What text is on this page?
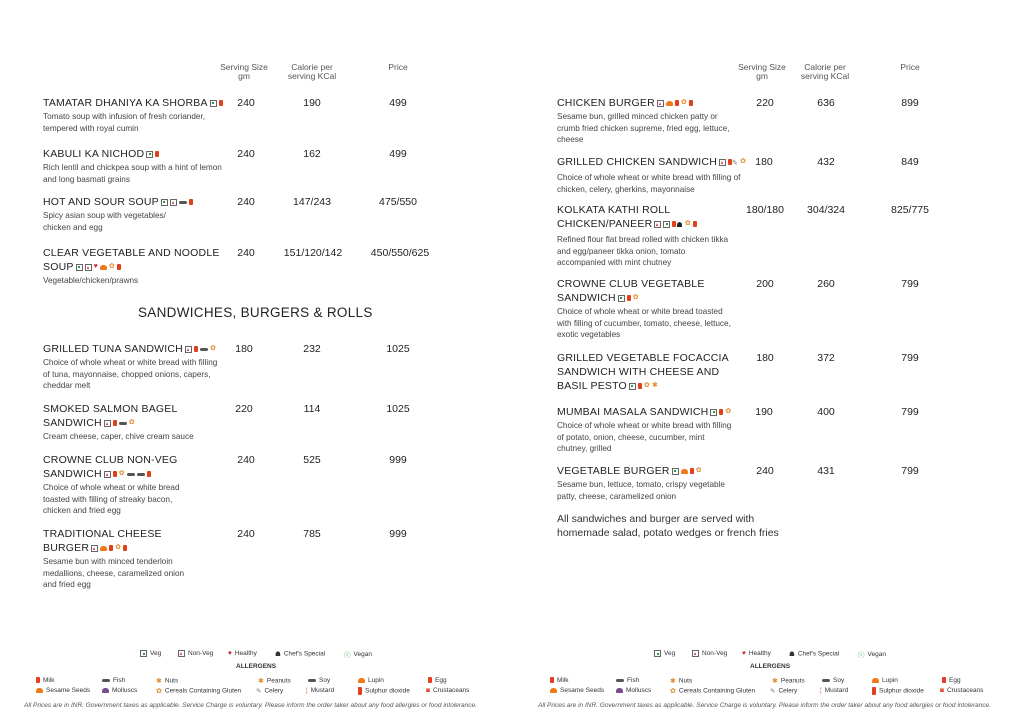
Serving Size gm
Calorie per serving KCal
Price
TAMATAR DHANIYA KA SHORBA
Tomato soup with infusion of fresh coriander, tempered with royal cumin
240	190	499
KABULI KA NICHOD
Rich lentil and chickpea soup with a hint of lemon and long basmati grains
240	162	499
HOT AND SOUR SOUP
Spicy asian soup with vegetables/ chicken and egg
240	147/243	475/550
CLEAR VEGETABLE AND NOODLE SOUP	♥ ✿
Vegetable/chicken/prawns
240	151/120/142	450/550/625
SANDWICHES, BURGERS & ROLLS
GRILLED TUNA SANDWICH	✿
Choice of whole wheat or white bread with filling of tuna, mayonnaise, chopped onions, capers, cheddar melt
180	232	1025
SMOKED SALMON BAGEL SANDWICH	✿
Cream cheese, caper, chive cream sauce
220	114	1025
CROWNE CLUB NON-VEG SANDWICH ✿
Choice of whole wheat or white bread toasted with filling of streaky bacon, chicken and fried egg
240	525	999
TRADITIONAL CHEESE BURGER	✿
Sesame bun with minced tenderloin medallions, cheese, caramelized onion and fried egg
240	785	999
Veg	Non-Veg ♥ Healthy	☗ Chef's Special	ⓥ Vegan
ALLERGENS
Milk	Fish	✱ Nuts	✱ Peanuts	Soy	Lupin	Egg
Sesame Seeds	Molluscs	✿ Cereals Containing Gluten ✎ Celery	¦ Mustard	Sulphur dioxide ◙ Crustaceans
All Prices are in INR. Government taxes as applicable. Service Charge is voluntary. Please inform the order taker about any food allergies or food intolerance.
Serving Size gm
Calorie per serving KCal
Price
CHICKEN BURGER	✿
Sesame bun, grilled minced chicken patty or crumb fried chicken supreme, fried egg, lettuce, cheese
220	636	899
GRILLED CHICKEN SANDWICH ✎ ✿
Choice of whole wheat or white bread with filling of chicken, celery, gherkins, mayonnaise
180	432	849
KOLKATA KATHI ROLL CHICKEN/PANEER	☗ ✿
Refined flour flat bread rolled with chicken tikka and egg/paneer tikka onion, tomato accompanied with mint chutney
180/180	304/324	825/775
CROWNE CLUB VEGETABLE SANDWICH ✿
Choice of whole wheat or white bread toasted with filling of cucumber, tomato, cheese, lettuce, exotic vegetables
200	260	799
GRILLED VEGETABLE FOCACCIA SANDWICH WITH CHEESE AND BASIL PESTO ✿ ✱
180	372	799
MUMBAI MASALA SANDWICH ✿
Choice of whole wheat or white bread with filling of potato, onion, cheese, cucumber, mint chutney, grilled
190	400	799
VEGETABLE BURGER	✿
Sesame bun, lettuce, tomato, crispy vegetable patty, cheese, caramelized onion
240	431	799
All sandwiches and burger are served with homemade salad, potato wedges or french fries
Veg	Non-Veg ♥ Healthy	☗ Chef's Special	ⓥ Vegan
ALLERGENS
Milk	Fish	✱ Nuts	✱ Peanuts	Soy	Lupin	Egg
Sesame Seeds	Molluscs	✿ Cereals Containing Gluten ✎ Celery	¦ Mustard	Sulphur dioxide ◙ Crustaceans
All Prices are in INR. Government taxes as applicable. Service Charge is voluntary. Please inform the order taker about any food allergies or food intolerance.
